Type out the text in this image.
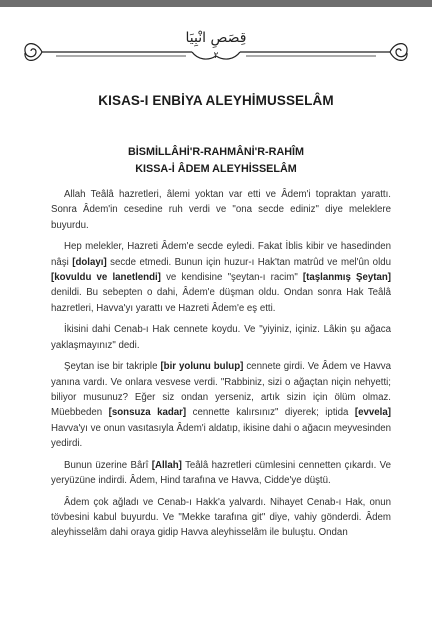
قِصَصِ انْبِيَا
٢
KISAS-I ENBİYA ALEYHİMUSSELÂM
BİSMİLLÂHİ'R-RAHMÂNİ'R-RAHÎM
KISSA-İ ÂDEM ALEYHİSSELÂM

Allah Teâlâ hazretleri, âlemi yoktan var etti ve Âdem'i topraktan yarattı. Sonra Âdem'in cesedine ruh verdi ve "ona secde ediniz" diye meleklere buyurdu.

Hep melekler, Hazreti Âdem'e secde eyledi. Fakat İblis kibir ve hasedinden nâşi [dolayı] secde etmedi. Bunun için huzur-ı Hak'tan matrûd ve mel'ûn oldu [kovuldu ve lanetlendi] ve kendisine "şeytan-ı racim" [taşlanmış Şeytan] denildi. Bu sebepten o dahi, Âdem'e düşman oldu. Ondan sonra Hak Teâlâ hazretleri, Havva'yı yarattı ve Hazreti Âdem'e eş etti.

İkisini dahi Cenab-ı Hak cennete koydu. Ve "yiyiniz, içiniz. Lâkin şu ağaca yaklaşmayınız" dedi.

Şeytan ise bir takriple [bir yolunu bulup] cennete girdi. Ve Âdem ve Havva yanına vardı. Ve onlara vesvese verdi. "Rabbiniz, sizi o ağaçtan niçin nehyetti; biliyor musunuz? Eğer siz ondan yerseniz, artık sizin için ölüm olmaz. Müebbeden [sonsuza kadar] cennette kalırsınız" diyerek; iptida [evvela] Havva'yı ve onun vasıtasıyla Âdem'i aldatıp, ikisine dahi o ağacın meyvesinden yedirdi.

Bunun üzerine Bârî [Allah] Teâlâ hazretleri cümlesini cennetten çıkardı. Ve yeryüzüne indirdi. Âdem, Hind tarafına ve Havva, Cidde'ye düştü.

Âdem çok ağladı ve Cenab-ı Hakk'a yalvardı. Nihayet Cenab-ı Hak, onun tövbesini kabul buyurdu. Ve "Mekke tarafına git" diye, vahiy gönderdi. Âdem aleyhisselâm dahi oraya gidip Havva aleyhisselâm ile buluştu. Ondan
